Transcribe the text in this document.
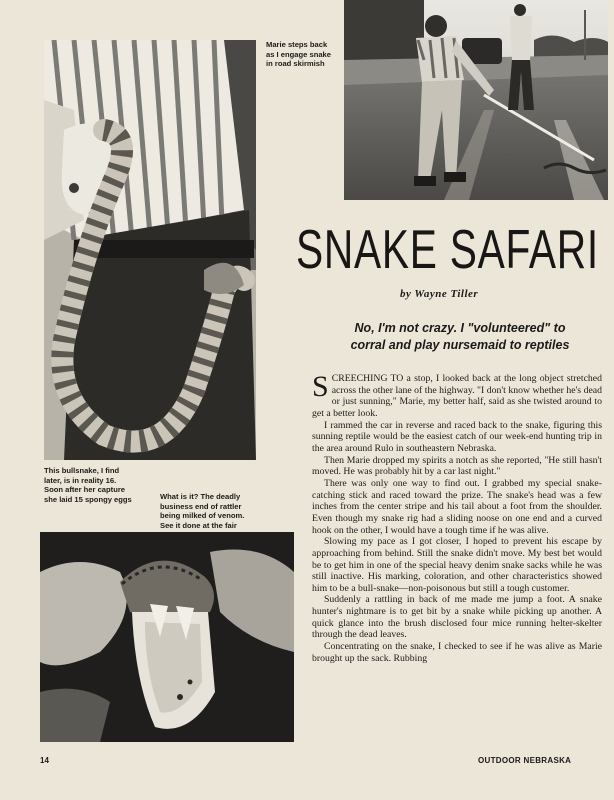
Marie steps back
as I engage snake
in road skirmish
This bullsnake, I find
later, is in reality 16.
Soon after her capture
she laid 15 spongy eggs	What is it? The deadly
business end of rattler
being milked of venom.
See it done at the fair
SNAKE SAFARI
by Wayne Tiller
No, I'm not crazy. I "volunteered" to
corral and play nursemaid to reptiles

SCREECHING TO a stop, I looked back at the long object stretched across the other lane of the highway. "I don't know whether he's dead or just sunning," Marie, my better half, said as she twisted around to get a better look.

I rammed the car in reverse and raced back to the snake, figuring this sunning reptile would be the easiest catch of our week-end hunting trip in the area around Rulo in southeastern Nebraska.

Then Marie dropped my spirits a notch as she reported, "He still hasn't moved. He was probably hit by a car last night."

There was only one way to find out. I grabbed my special snake-catching stick and raced toward the prize. The snake's head was a few inches from the center stripe and his tail about a foot from the shoulder. Even though my snake rig had a sliding noose on one end and a curved hook on the other, I would have a tough time if he was alive.

Slowing my pace as I got closer, I hoped to prevent his escape by approaching from behind. Still the snake didn't move. My best bet would be to get him in one of the special heavy denim snake sacks while he was still inactive. His marking, coloration, and other characteristics showed him to be a bull-snake—non-poisonous but still a tough customer.

Suddenly a rattling in back of me made me jump a foot. A snake hunter's nightmare is to get bit by a snake while picking up another. A quick glance into the brush disclosed four mice running helter-skelter through the dead leaves.

Concentrating on the snake, I checked to see if he was alive as Marie brought up the sack. Rubbing

14	OUTDOOR NEBRASKA
